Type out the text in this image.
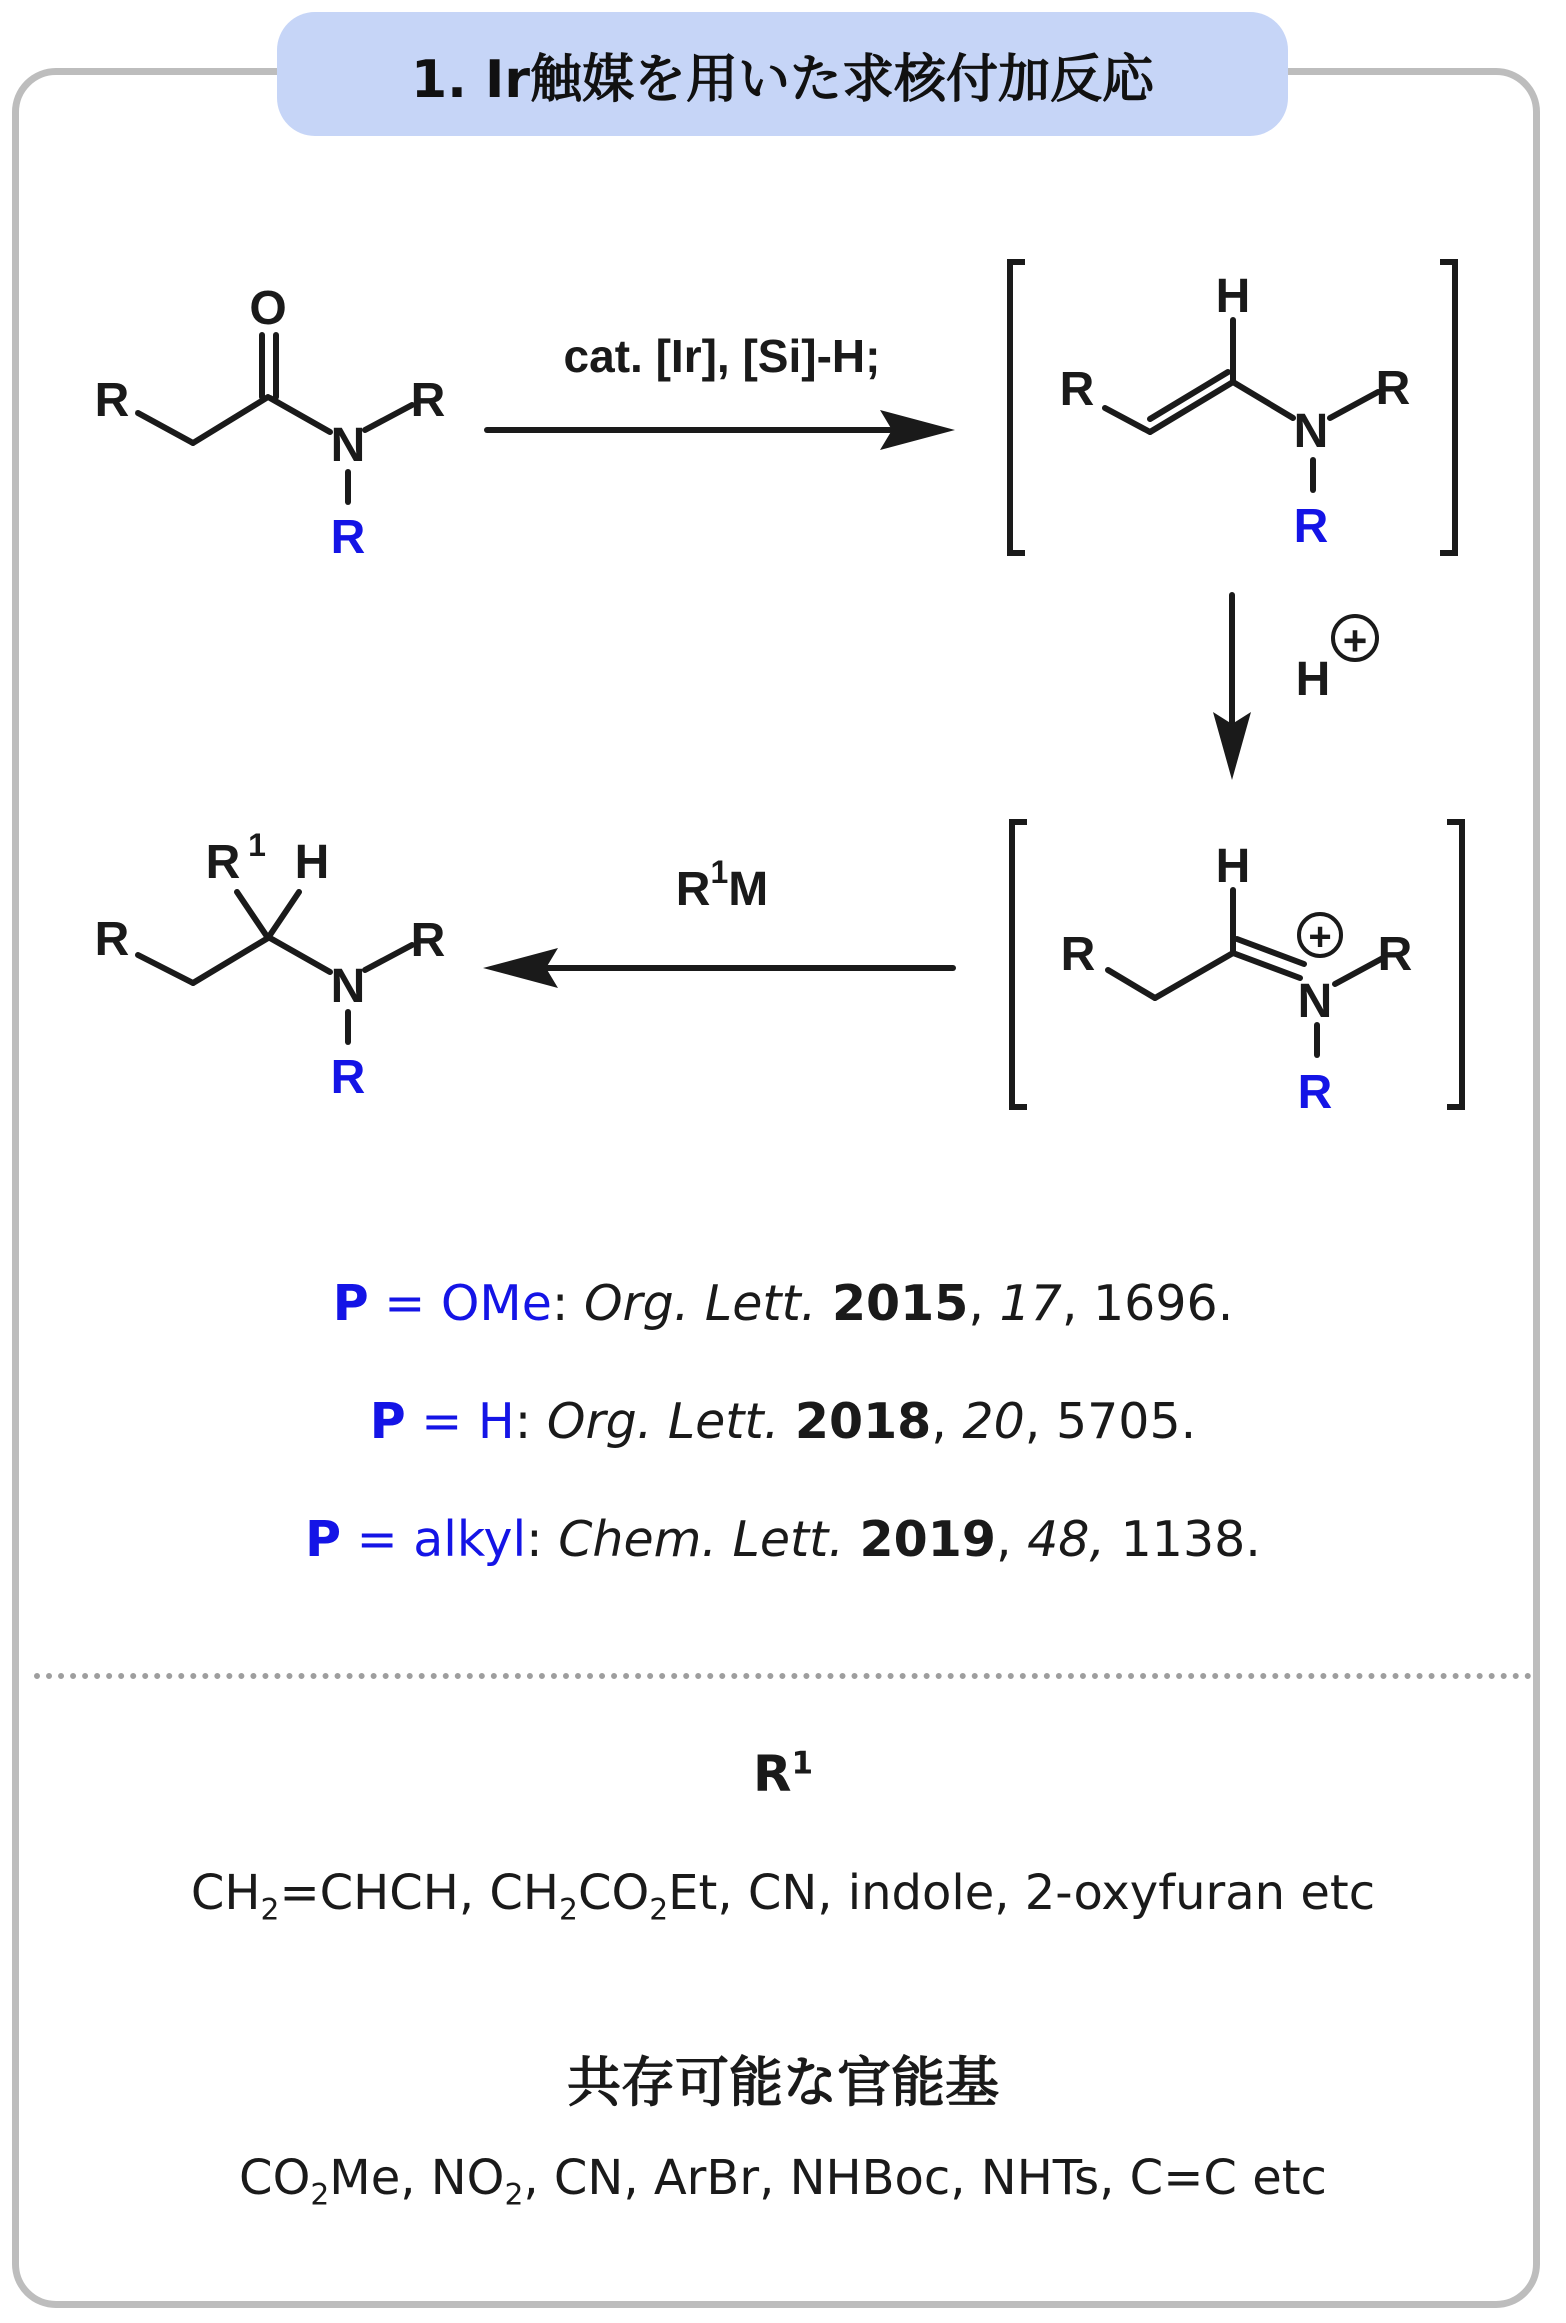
1. Ir触媒を用いた求核付加反応
R
O
N
R
R
R
H
N
R
R
H
+
R
H
N
+ R
R
R
R 1 H
N
R
R
cat. [Ir], [Si]-H;
$R^1M$
P = OMe: Org. Lett. 2015, 17, 1696.
P = H: Org. Lett. 2018, 20, 5705.
P = alkyl: Chem. Lett. 2019, 48, 1138.
$R^1$
$CH_2=CHCH$, $CH_2CO_2Et$, CN, indole, 2-oxyfuran etc
共存可能な官能基
$CO_2Me$, $NO_2$, CN, ArBr, NHBoc, NHTs, C=C etc
